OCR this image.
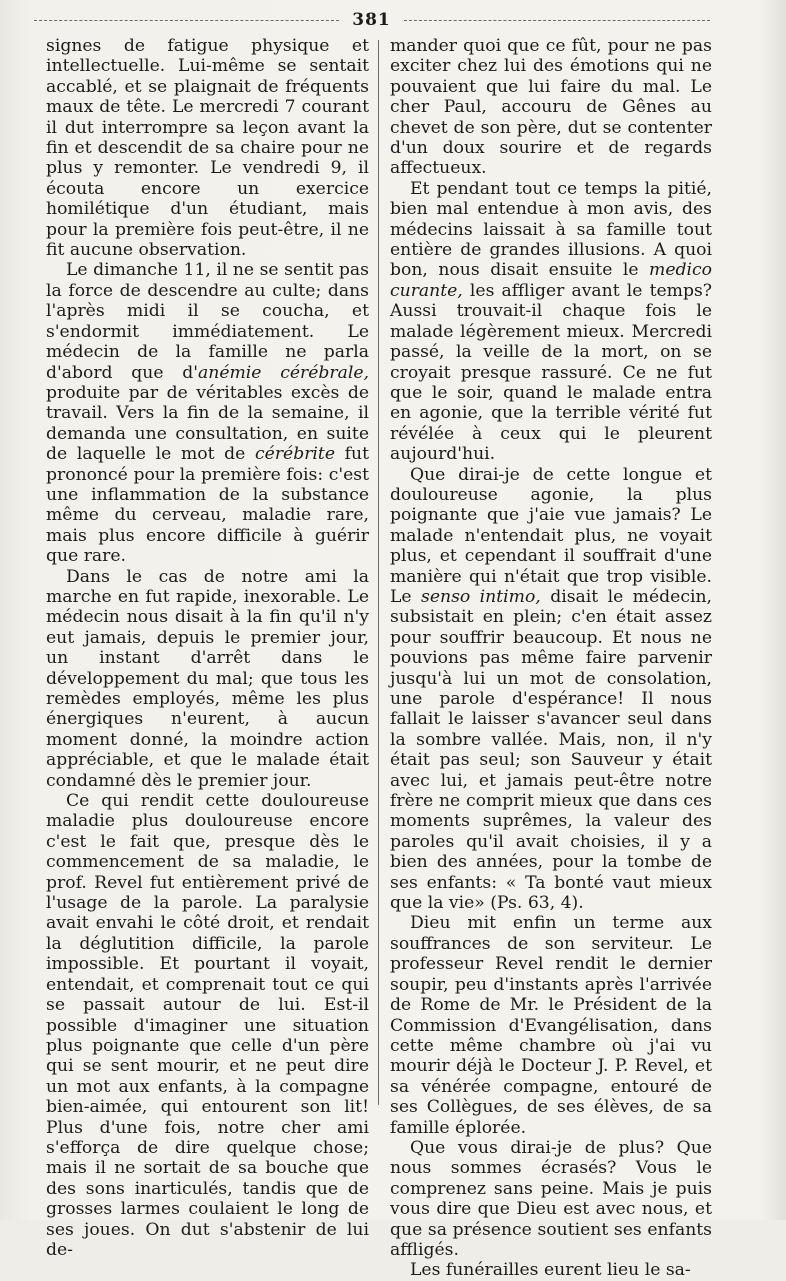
381

signes de fatigue physique et intellectuelle. Lui-même se sentait accablé, et se plaignait de fréquents maux de tête. Le mercredi 7 courant il dut interrompre sa leçon avant la fin et descendit de sa chaire pour ne plus y remonter. Le vendredi 9, il écouta encore un exercice homilétique d'un étudiant, mais pour la première fois peut-être, il ne fit aucune observation.

Le dimanche 11, il ne se sentit pas la force de descendre au culte; dans l'après midi il se coucha, et s'endormit immédiatement. Le médecin de la famille ne parla d'abord que d'anémie cérébrale, produite par de véritables excès de travail. Vers la fin de la semaine, il demanda une consultation, en suite de laquelle le mot de cérébrite fut prononcé pour la première fois: c'est une inflammation de la substance même du cerveau, maladie rare, mais plus encore difficile à guérir que rare.

Dans le cas de notre ami la marche en fut rapide, inexorable. Le médecin nous disait à la fin qu'il n'y eut jamais, depuis le premier jour, un instant d'arrêt dans le développement du mal; que tous les remèdes employés, même les plus énergiques n'eurent, à aucun moment donné, la moindre action appréciable, et que le malade était condamné dès le premier jour.

Ce qui rendit cette douloureuse maladie plus douloureuse encore c'est le fait que, presque dès le commencement de sa maladie, le prof. Revel fut entièrement privé de l'usage de la parole. La paralysie avait envahi le côté droit, et rendait la déglutition difficile, la parole impossible. Et pourtant il voyait, entendait, et comprenait tout ce qui se passait autour de lui. Est-il possible d'imaginer une situation plus poignante que celle d'un père qui se sent mourir, et ne peut dire un mot aux enfants, à la compagne bien-aimée, qui entourent son lit! Plus d'une fois, notre cher ami s'efforça de dire quelque chose; mais il ne sortait de sa bouche que des sons inarticulés, tandis que de grosses larmes coulaient le long de ses joues. On dut s'abstenir de lui de-

mander quoi que ce fût, pour ne pas exciter chez lui des émotions qui ne pouvaient que lui faire du mal. Le cher Paul, accouru de Gênes au chevet de son père, dut se contenter d'un doux sourire et de regards affectueux.

Et pendant tout ce temps la pitié, bien mal entendue à mon avis, des médecins laissait à sa famille tout entière de grandes illusions. A quoi bon, nous disait ensuite le medico curante, les affliger avant le temps? Aussi trouvait-il chaque fois le malade légèrement mieux. Mercredi passé, la veille de la mort, on se croyait presque rassuré. Ce ne fut que le soir, quand le malade entra en agonie, que la terrible vérité fut révélée à ceux qui le pleurent aujourd'hui.

Que dirai-je de cette longue et douloureuse agonie, la plus poignante que j'aie vue jamais? Le malade n'entendait plus, ne voyait plus, et cependant il souffrait d'une manière qui n'était que trop visible. Le senso intimo, disait le médecin, subsistait en plein; c'en était assez pour souffrir beaucoup. Et nous ne pouvions pas même faire parvenir jusqu'à lui un mot de consolation, une parole d'espérance! Il nous fallait le laisser s'avancer seul dans la sombre vallée. Mais, non, il n'y était pas seul; son Sauveur y était avec lui, et jamais peut-être notre frère ne comprit mieux que dans ces moments suprêmes, la valeur des paroles qu'il avait choisies, il y a bien des années, pour la tombe de ses enfants: « Ta bonté vaut mieux que la vie» (Ps. 63, 4).

Dieu mit enfin un terme aux souffrances de son serviteur. Le professeur Revel rendit le dernier soupir, peu d'instants après l'arrivée de Rome de Mr. le Président de la Commission d'Evangélisation, dans cette même chambre où j'ai vu mourir déjà le Docteur J. P. Revel, et sa vénérée compagne, entouré de ses Collègues, de ses élèves, de sa famille éplorée.

Que vous dirai-je de plus? Que nous sommes écrasés? Vous le comprenez sans peine. Mais je puis vous dire que Dieu est avec nous, et que sa présence soutient ses enfants affligés.

Les funérailles eurent lieu le sa-
